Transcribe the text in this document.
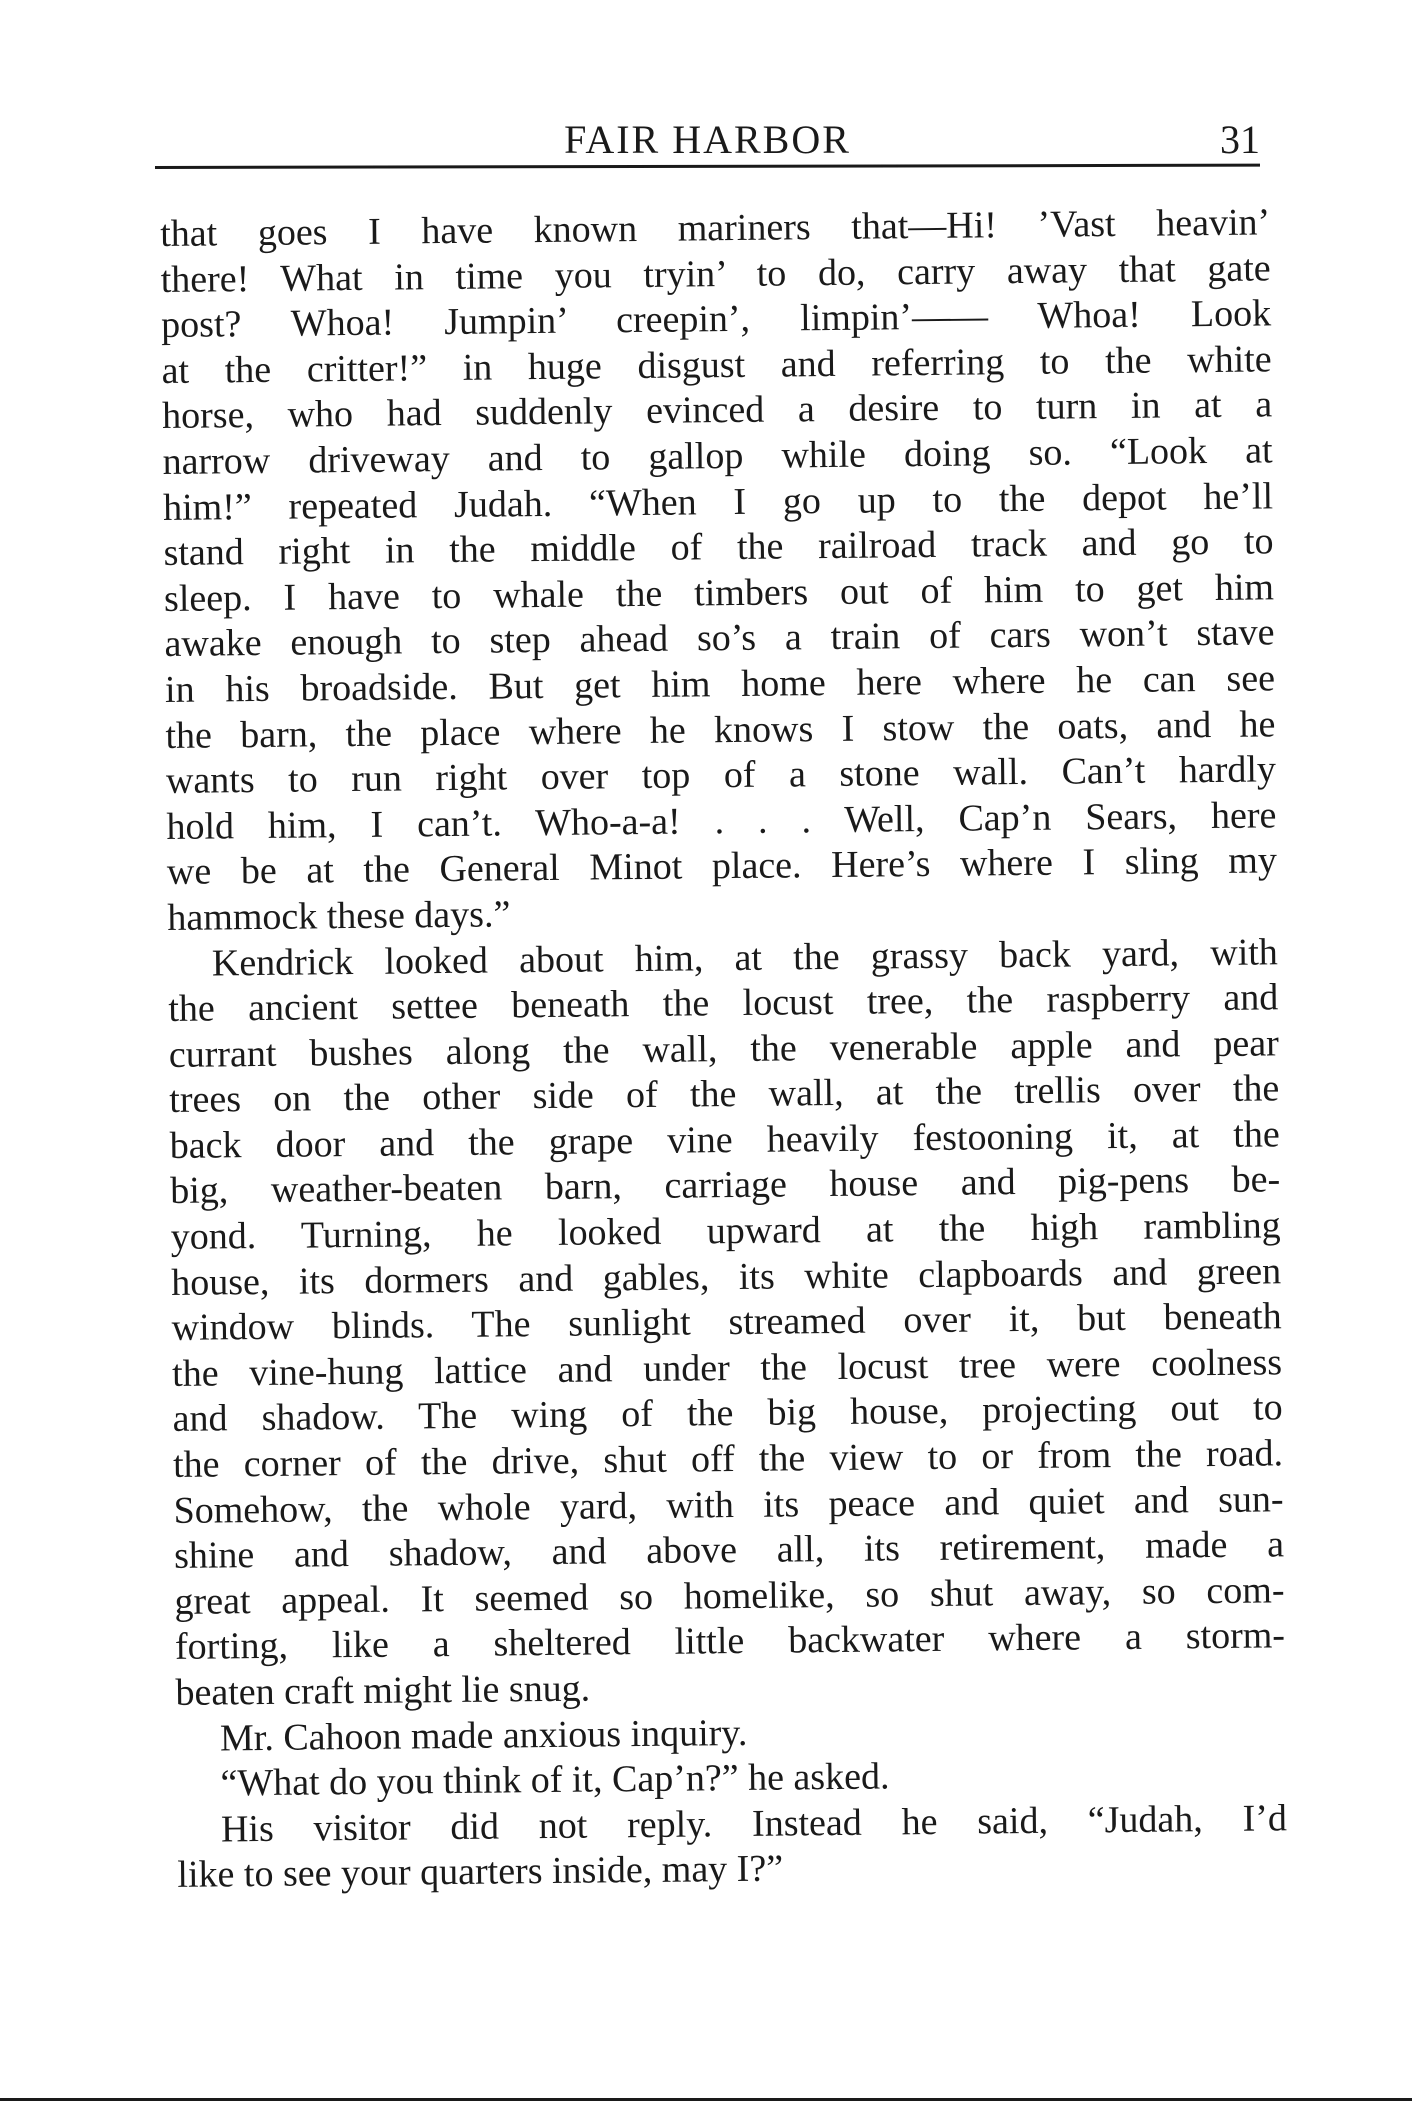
FAIR HARBOR	31
that goes I have known mariners that—Hi! ’Vast heavin’
there! What in time you tryin’ to do, carry away that gate
post? Whoa! Jumpin’ creepin’, limpin’—— Whoa! Look
at the critter!” in huge disgust and referring to the white
horse, who had suddenly evinced a desire to turn in at a
narrow driveway and to gallop while doing so. “Look at
him!” repeated Judah. “When I go up to the depot he’ll
stand right in the middle of the railroad track and go to
sleep. I have to whale the timbers out of him to get him
awake enough to step ahead so’s a train of cars won’t stave
in his broadside. But get him home here where he can see
the barn, the place where he knows I stow the oats, and he
wants to run right over top of a stone wall. Can’t hardly
hold him, I can’t. Who-a-a! . . . Well, Cap’n Sears, here
we be at the General Minot place. Here’s where I sling my
hammock these days.”
Kendrick looked about him, at the grassy back yard, with
the ancient settee beneath the locust tree, the raspberry and
currant bushes along the wall, the venerable apple and pear
trees on the other side of the wall, at the trellis over the
back door and the grape vine heavily festooning it, at the
big, weather-beaten barn, carriage house and pig-pens be-
yond. Turning, he looked upward at the high rambling
house, its dormers and gables, its white clapboards and green
window blinds. The sunlight streamed over it, but beneath
the vine-hung lattice and under the locust tree were coolness
and shadow. The wing of the big house, projecting out to
the corner of the drive, shut off the view to or from the road.
Somehow, the whole yard, with its peace and quiet and sun-
shine and shadow, and above all, its retirement, made a
great appeal. It seemed so homelike, so shut away, so com-
forting, like a sheltered little backwater where a storm-
beaten craft might lie snug.
Mr. Cahoon made anxious inquiry.
“What do you think of it, Cap’n?” he asked.
His visitor did not reply. Instead he said, “Judah, I’d
like to see your quarters inside, may I?”
